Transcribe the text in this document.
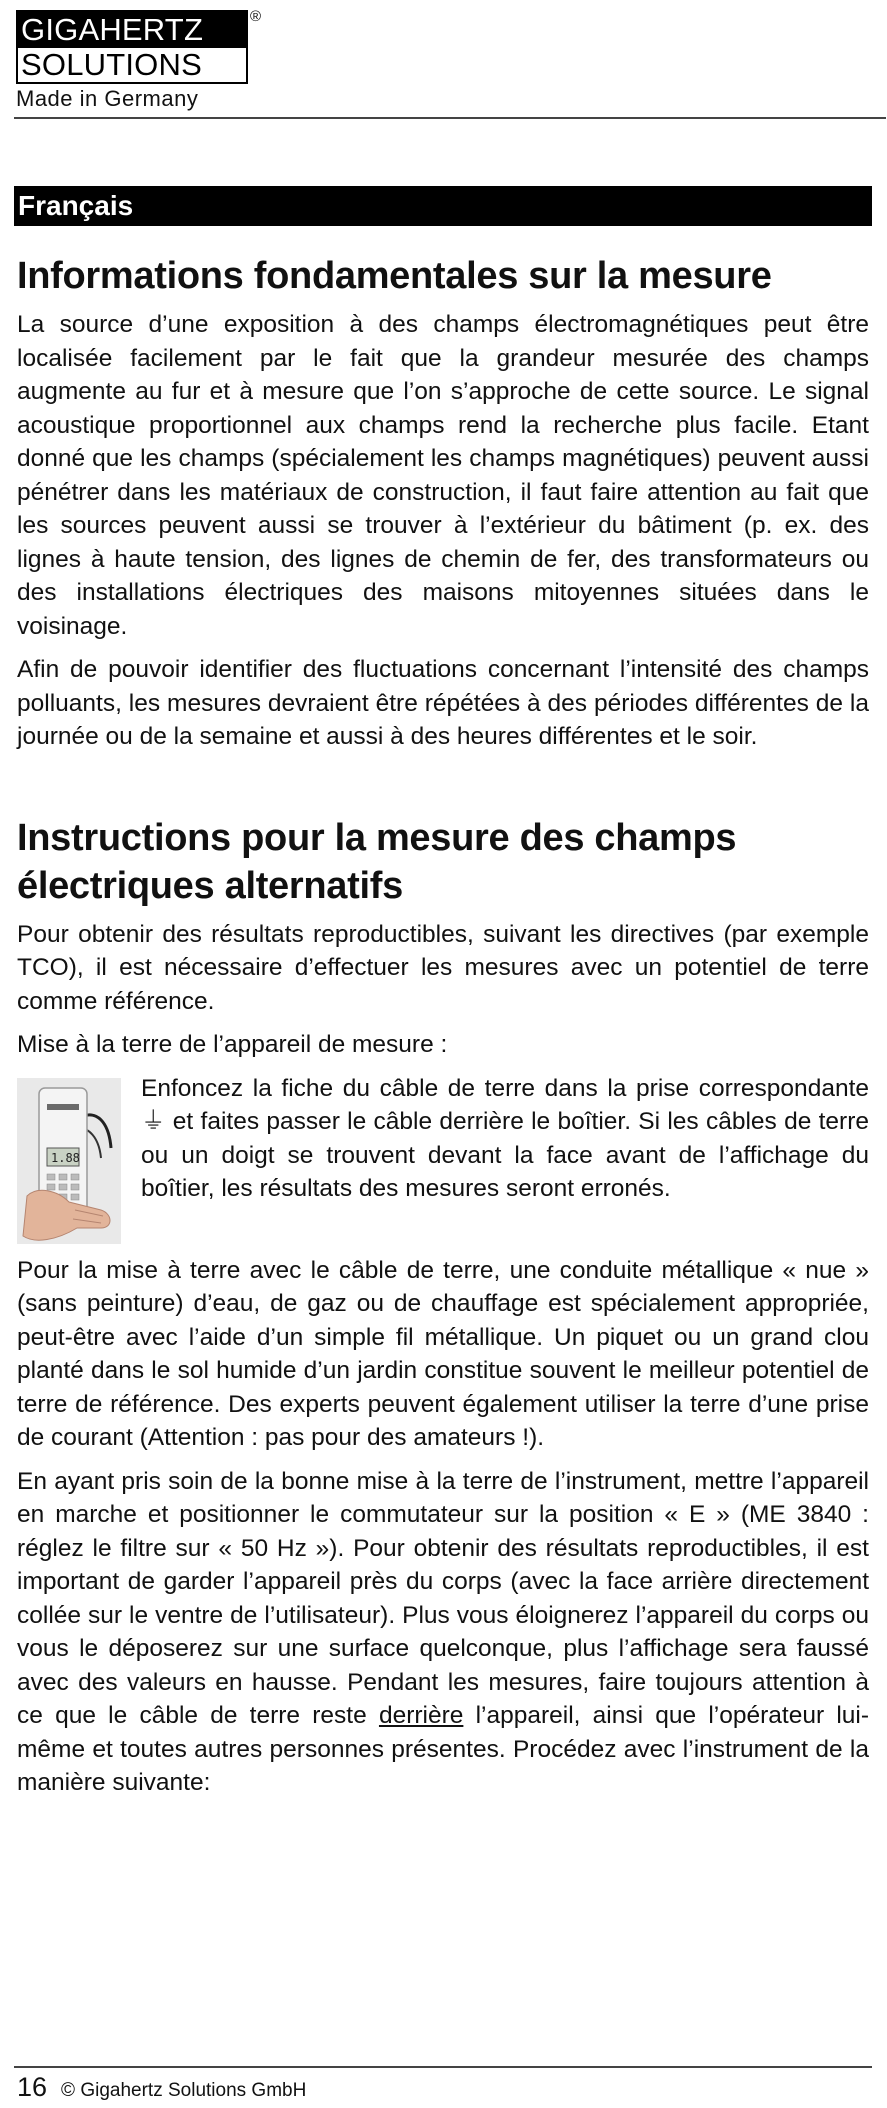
GIGAHERTZ
SOLUTIONS
®
Made in Germany
Français
Informations fondamentales sur la mesure

La source d’une exposition à des champs électromagnétiques peut être localisée facilement par le fait que la grandeur mesurée des champs augmente au fur et à mesure que l’on s’approche de cette source. Le signal acoustique proportionnel aux champs rend la recherche plus facile. Etant donné que les champs (spécialement les champs magnétiques) peuvent aussi pénétrer dans les matériaux de construction, il faut faire attention au fait que les sources peuvent aussi se trouver à l’extérieur du bâtiment (p. ex. des lignes à haute tension, des lignes de chemin de fer, des transformateurs ou des installations électriques des maisons mitoyennes situées dans le voisinage.

Afin de pouvoir identifier des fluctuations concernant l’intensité des champs polluants, les mesures devraient être répétées à des périodes différentes de la journée ou de la semaine et aussi à des heures différentes et le soir.

Instructions pour la mesure des champs électriques alternatifs

Pour obtenir des résultats reproductibles, suivant les directives (par exemple TCO), il est nécessaire d’effectuer les mesures avec un potentiel de terre comme référence.

Mise à la terre de l’appareil de mesure :

1.88

Enfoncez la fiche du câble de terre dans la prise correspondante ⏚ et faites passer le câble derrière le boîtier. Si les câbles de terre ou un doigt se trouvent devant la face avant de l’affichage du boîtier, les résultats des mesures seront erronés.

Pour la mise à terre avec le câble de terre, une conduite métallique « nue » (sans peinture) d’eau, de gaz ou de chauffage est spécialement appropriée, peut-être avec l’aide d’un simple fil métallique. Un piquet ou un grand clou planté dans le sol humide d’un jardin constitue souvent le meilleur potentiel de terre de référence. Des experts peuvent également utiliser la terre d’une prise de courant (Attention : pas pour des amateurs !).

En ayant pris soin de la bonne mise à la terre de l’instrument, mettre l’appareil en marche et positionner le commutateur sur la position « E » (ME 3840 : réglez le filtre sur « 50 Hz »). Pour obtenir des résultats reproductibles, il est important de garder l’appareil près du corps (avec la face arrière directement collée sur le ventre de l’utilisateur). Plus vous éloignerez l’appareil du corps ou vous le déposerez sur une surface quelconque, plus l’affichage sera faussé avec des valeurs en hausse. Pendant les mesures, faire toujours attention à ce que le câble de terre reste derrière l’appareil, ainsi que l’opérateur lui-même et toutes autres personnes présentes. Procédez avec l’instrument de la manière suivante:

16 © Gigahertz Solutions GmbH
